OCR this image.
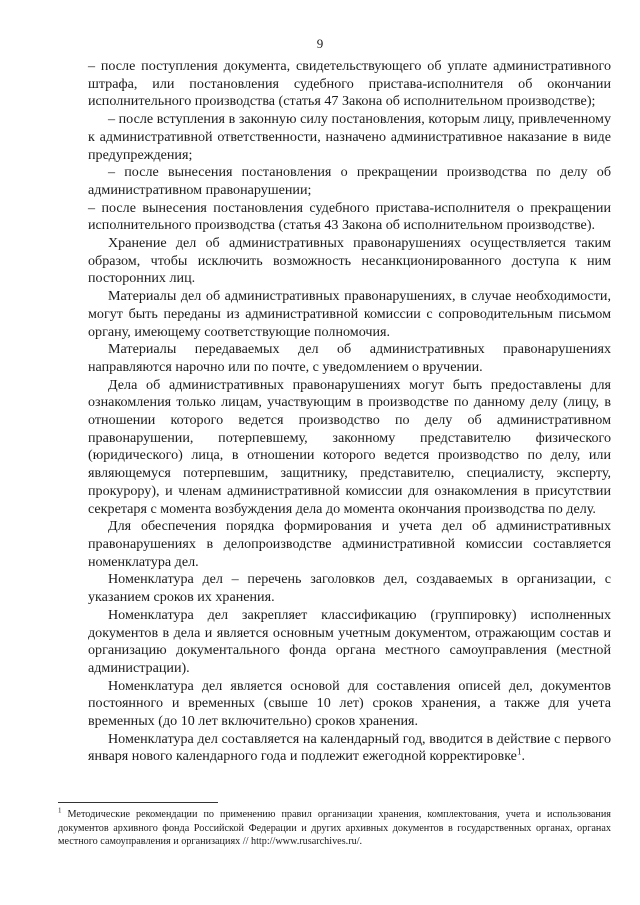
9

– после поступления документа, свидетельствующего об уплате административного штрафа, или постановления судебного пристава-исполнителя об окончании исполнительного производства (статья 47 Закона об исполнительном производстве);

– после вступления в законную силу постановления, которым лицу, привлеченному к административной ответственности, назначено административное наказание в виде предупреждения;

– после вынесения постановления о прекращении производства по делу об административном правонарушении;

– после вынесения постановления судебного пристава-исполнителя о прекращении исполнительного производства (статья 43 Закона об исполнительном производстве).

Хранение дел об административных правонарушениях осуществляется таким образом, чтобы исключить возможность несанкционированного доступа к ним посторонних лиц.

Материалы дел об административных правонарушениях, в случае необходимости, могут быть переданы из административной комиссии с сопроводительным письмом органу, имеющему соответствующие полномочия.

Материалы передаваемых дел об административных правонарушениях направляются нарочно или по почте, с уведомлением о вручении.

Дела об административных правонарушениях могут быть предоставлены для ознакомления только лицам, участвующим в производстве по данному делу (лицу, в отношении которого ведется производство по делу об административном правонарушении, потерпевшему, законному представителю физического (юридического) лица, в отношении которого ведется производство по делу, или являющемуся потерпевшим, защитнику, представителю, специалисту, эксперту, прокурору), и членам административной комиссии для ознакомления в присутствии секретаря с момента возбуждения дела до момента окончания производства по делу.

Для обеспечения порядка формирования и учета дел об административных правонарушениях в делопроизводстве административной комиссии составляется номенклатура дел.

Номенклатура дел – перечень заголовков дел, создаваемых в организации, с указанием сроков их хранения.

Номенклатура дел закрепляет классификацию (группировку) исполненных документов в дела и является основным учетным документом, отражающим состав и организацию документального фонда органа местного самоуправления (местной администрации).

Номенклатура дел является основой для составления описей дел, документов постоянного и временных (свыше 10 лет) сроков хранения, а также для учета временных (до 10 лет включительно) сроков хранения.

Номенклатура дел составляется на календарный год, вводится в действие с первого января нового календарного года и подлежит ежегодной корректировке$^1$.

$^1$ Методические рекомендации по применению правил организации хранения, комплектования, учета и использования документов архивного фонда Российской Федерации и других архивных документов в государственных органах, органах местного самоуправления и организациях // http://www.rusarchives.ru/.
